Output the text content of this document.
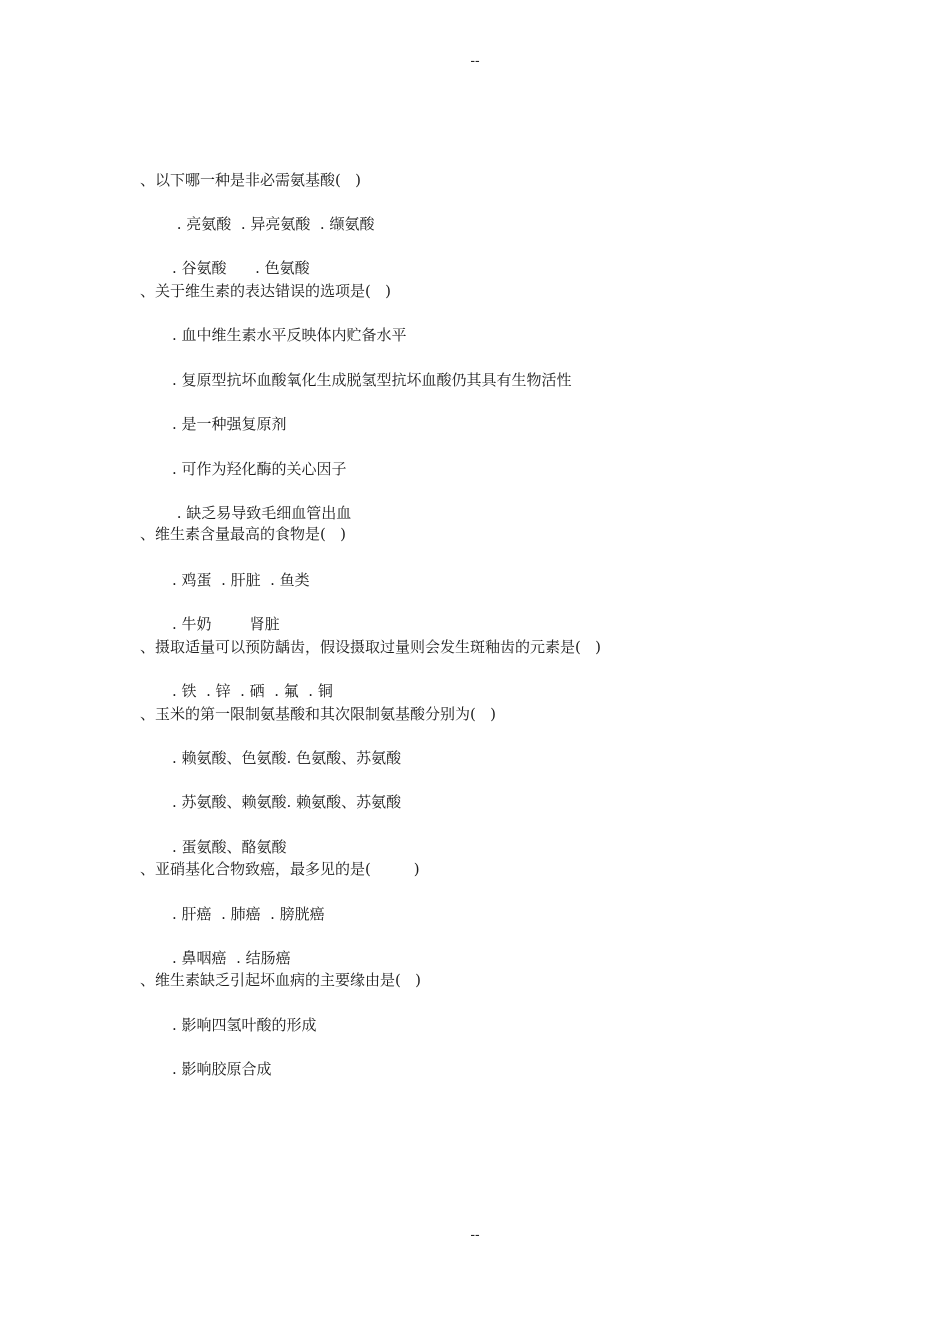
--
、以下哪一种是非必需氨基酸(   )
. 亮氨酸  . 异亮氨酸  . 缬氨酸
. 谷氨酸      . 色氨酸
、关于维生素的表达错误的选项是(   )
. 血中维生素水平反映体内贮备水平
. 复原型抗坏血酸氧化生成脱氢型抗坏血酸仍其具有生物活性
. 是一种强复原剂
. 可作为羟化酶的关心因子
. 缺乏易导致毛细血管出血
、维生素含量最高的食物是(   )
. 鸡蛋  . 肝脏  . 鱼类
. 牛奶        肾脏
、摄取适量可以预防龋齿，假设摄取过量则会发生斑釉齿的元素是(   )
. 铁  . 锌  . 硒  . 氟  . 铜
、玉米的第一限制氨基酸和其次限制氨基酸分别为(   )
. 赖氨酸、色氨酸. 色氨酸、苏氨酸
. 苏氨酸、赖氨酸. 赖氨酸、苏氨酸
. 蛋氨酸、酪氨酸
、亚硝基化合物致癌，最多见的是(         )
. 肝癌  . 肺癌  . 膀胱癌
. 鼻咽癌  . 结肠癌
、维生素缺乏引起坏血病的主要缘由是(   )
. 影响四氢叶酸的形成
. 影响胶原合成
--
